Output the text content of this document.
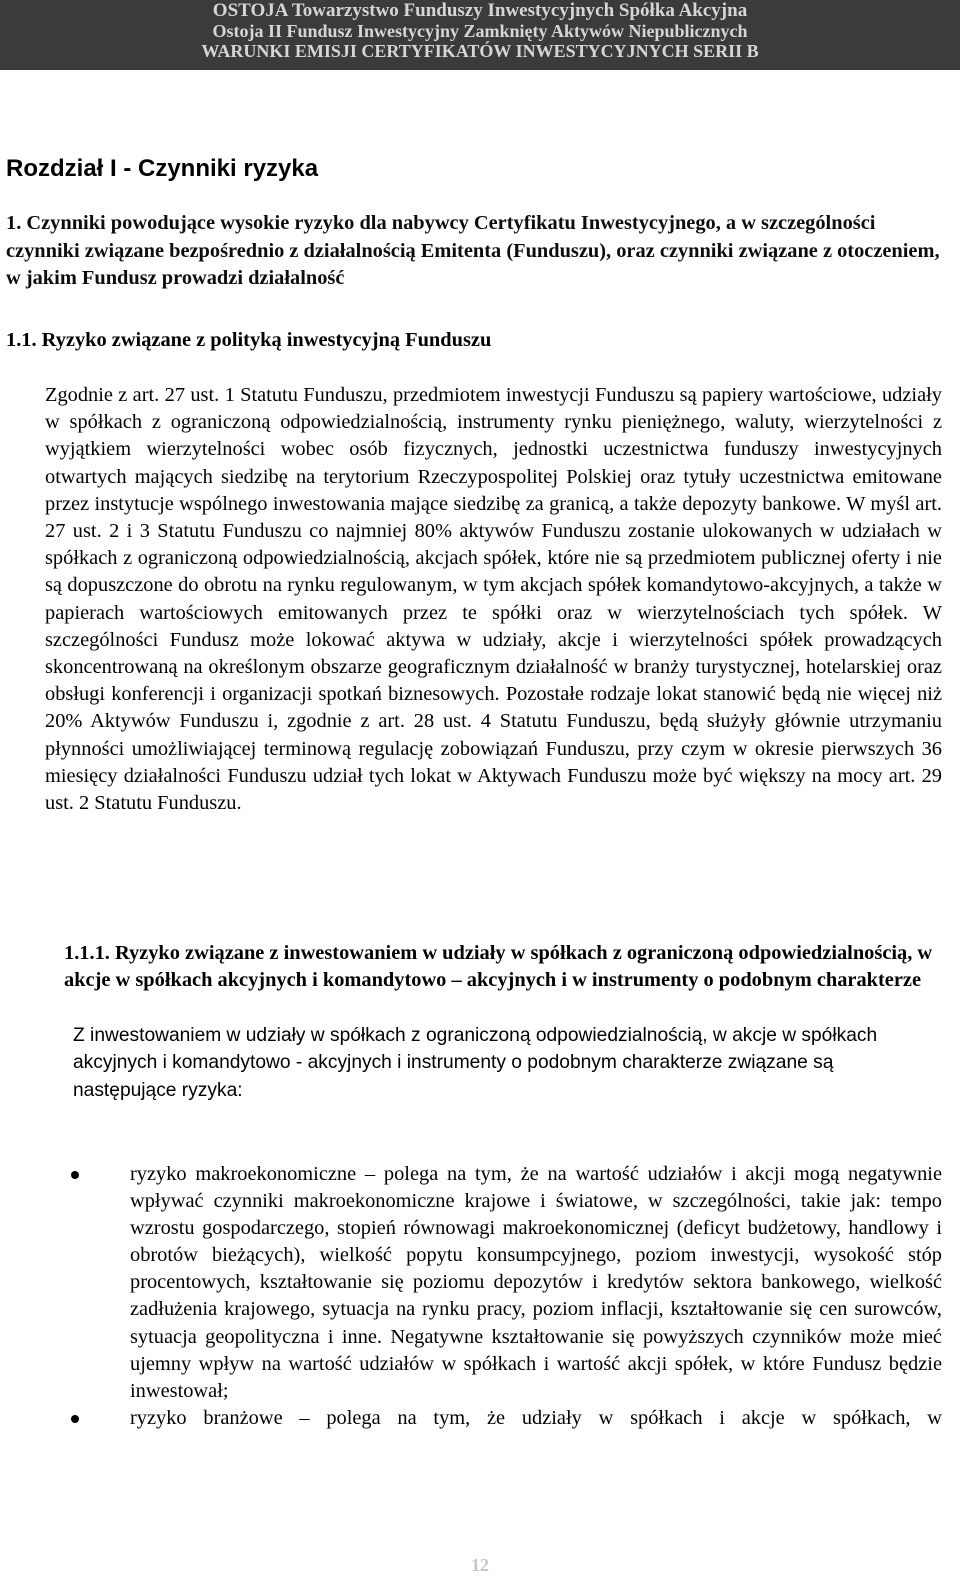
OSTOJA Towarzystwo Funduszy Inwestycyjnych Spółka Akcyjna
Ostoja II Fundusz Inwestycyjny Zamknięty Aktywów Niepublicznych
WARUNKI EMISJI CERTYFIKATÓW INWESTYCYJNYCH SERII B
Rozdział I - Czynniki ryzyka
1. Czynniki powodujące wysokie ryzyko dla nabywcy Certyfikatu Inwestycyjnego, a w szczególności czynniki związane bezpośrednio z działalnością Emitenta (Funduszu), oraz czynniki związane z otoczeniem, w jakim Fundusz prowadzi działalność
1.1. Ryzyko związane z polityką inwestycyjną Funduszu
Zgodnie z art. 27 ust. 1 Statutu Funduszu, przedmiotem inwestycji Funduszu są papiery wartościowe, udziały w spółkach z ograniczoną odpowiedzialnością, instrumenty rynku pieniężnego, waluty, wierzytelności z wyjątkiem wierzytelności wobec osób fizycznych, jednostki uczestnictwa funduszy inwestycyjnych otwartych mających siedzibę na terytorium Rzeczypospolitej Polskiej oraz tytuły uczestnictwa emitowane przez instytucje wspólnego inwestowania mające siedzibę za granicą, a także depozyty bankowe. W myśl art. 27 ust. 2 i 3 Statutu Funduszu co najmniej 80% aktywów Funduszu zostanie ulokowanych w udziałach w spółkach z ograniczoną odpowiedzialnością, akcjach spółek, które nie są przedmiotem publicznej oferty i nie są dopuszczone do obrotu na rynku regulowanym, w tym akcjach spółek komandytowo-akcyjnych, a także w papierach wartościowych emitowanych przez te spółki oraz w wierzytelnościach tych spółek. W szczególności Fundusz może lokować aktywa w udziały, akcje i wierzytelności spółek prowadzących skoncentrowaną na określonym obszarze geograficznym działalność w branży turystycznej, hotelarskiej oraz obsługi konferencji i organizacji spotkań biznesowych. Pozostałe rodzaje lokat stanowić będą nie więcej niż 20% Aktywów Funduszu i, zgodnie z art. 28 ust. 4 Statutu Funduszu, będą służyły głównie utrzymaniu płynności umożliwiającej terminową regulację zobowiązań Funduszu, przy czym w okresie pierwszych 36 miesięcy działalności Funduszu udział tych lokat w Aktywach Funduszu może być większy na mocy art. 29 ust. 2 Statutu Funduszu.
1.1.1. Ryzyko związane z inwestowaniem w udziały w spółkach z ograniczoną odpowiedzialnością, w akcje w spółkach akcyjnych i komandytowo – akcyjnych i w instrumenty o podobnym charakterze
Z inwestowaniem w udziały w spółkach z ograniczoną odpowiedzialnością, w akcje w spółkach akcyjnych i komandytowo - akcyjnych i instrumenty o podobnym charakterze związane są następujące ryzyka:
ryzyko makroekonomiczne – polega na tym, że na wartość udziałów i akcji mogą negatywnie wpływać czynniki makroekonomiczne krajowe i światowe, w szczególności, takie jak: tempo wzrostu gospodarczego, stopień równowagi makroekonomicznej (deficyt budżetowy, handlowy i obrotów bieżących), wielkość popytu konsumpcyjnego, poziom inwestycji, wysokość stóp procentowych, kształtowanie się poziomu depozytów i kredytów sektora bankowego, wielkość zadłużenia krajowego, sytuacja na rynku pracy, poziom inflacji, kształtowanie się cen surowców, sytuacja geopolityczna i inne. Negatywne kształtowanie się powyższych czynników może mieć ujemny wpływ na wartość udziałów w spółkach i wartość akcji spółek, w które Fundusz będzie inwestował;
ryzyko branżowe – polega na tym, że udziały w spółkach i akcje w spółkach, w
12
